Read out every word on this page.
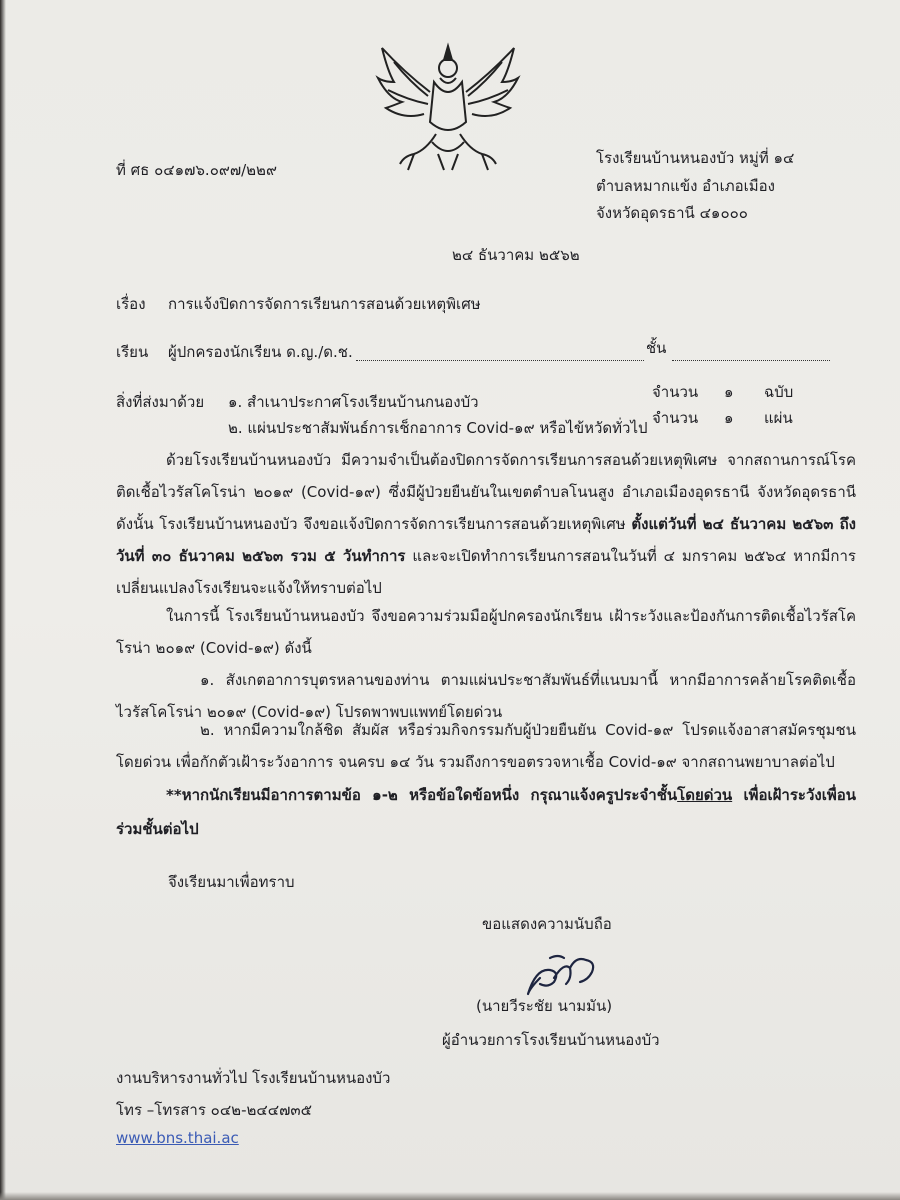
ที่ ศธ ๐๔๑๗๖.๐๙๗/๒๒๙
โรงเรียนบ้านหนองบัว หมู่ที่ ๑๔
ตำบลหมากแข้ง อำเภอเมือง
จังหวัดอุดรธานี ๔๑๐๐๐
๒๔ ธันวาคม ๒๕๖๒
เรื่อง การแจ้งปิดการจัดการเรียนการสอนด้วยเหตุพิเศษ
เรียน ผู้ปกครองนักเรียน ด.ญ./ด.ช.	ชั้น
สิ่งที่ส่งมาด้วย ๑. สำเนาประกาศโรงเรียนบ้านกนองบัว
จำนวน ๑ ฉบับ
๒. แผ่นประชาสัมพันธ์การเช็กอาการ Covid-๑๙ หรือไข้หวัดทั่วไป
จำนวน ๑ แผ่น
ด้วยโรงเรียนบ้านหนองบัว มีความจำเป็นต้องปิดการจัดการเรียนการสอนด้วยเหตุพิเศษ จากสถานการณ์โรคติดเชื้อไวรัสโคโรน่า ๒๐๑๙ (Covid-๑๙) ซึ่งมีผู้ป่วยยืนยันในเขตตำบลโนนสูง อำเภอเมืองอุดรธานี จังหวัดอุดรธานี ดังนั้น โรงเรียนบ้านหนองบัว จึงขอแจ้งปิดการจัดการเรียนการสอนด้วยเหตุพิเศษ ตั้งแต่วันที่ ๒๔ ธันวาคม ๒๕๖๓ ถึงวันที่ ๓๐ ธันวาคม ๒๕๖๓ รวม ๕ วันทำการ และจะเปิดทำการเรียนการสอนในวันที่ ๔ มกราคม ๒๕๖๔ หากมีการเปลี่ยนแปลงโรงเรียนจะแจ้งให้ทราบต่อไป
ในการนี้ โรงเรียนบ้านหนองบัว จึงขอความร่วมมือผู้ปกครองนักเรียน เฝ้าระวังและป้องกันการติดเชื้อไวรัสโคโรน่า ๒๐๑๙ (Covid-๑๙) ดังนี้
๑. สังเกตอาการบุตรหลานของท่าน ตามแผ่นประชาสัมพันธ์ที่แนบมานี้ หากมีอาการคล้ายโรคติดเชื้อไวรัสโคโรน่า ๒๐๑๙ (Covid-๑๙) โปรดพาพบแพทย์โดยด่วน
๒. หากมีความใกล้ชิด สัมผัส หรือร่วมกิจกรรมกับผู้ป่วยยืนยัน Covid-๑๙ โปรดแจ้งอาสาสมัครชุมชนโดยด่วน เพื่อกักตัวเฝ้าระวังอาการ จนครบ ๑๔ วัน รวมถึงการขอตรวจหาเชื้อ Covid-๑๙ จากสถานพยาบาลต่อไป
**หากนักเรียนมีอาการตามข้อ ๑-๒ หรือข้อใดข้อหนึ่ง กรุณาแจ้งครูประจำชั้นโดยด่วน เพื่อเฝ้าระวังเพื่อนร่วมชั้นต่อไป
จึงเรียนมาเพื่อทราบ
ขอแสดงความนับถือ
(นายวีระชัย นามมัน)
ผู้อำนวยการโรงเรียนบ้านหนองบัว
งานบริหารงานทั่วไป โรงเรียนบ้านหนองบัว
โทร –โทรสาร ๐๔๒-๒๔๔๗๓๕
www.bns.thai.ac
